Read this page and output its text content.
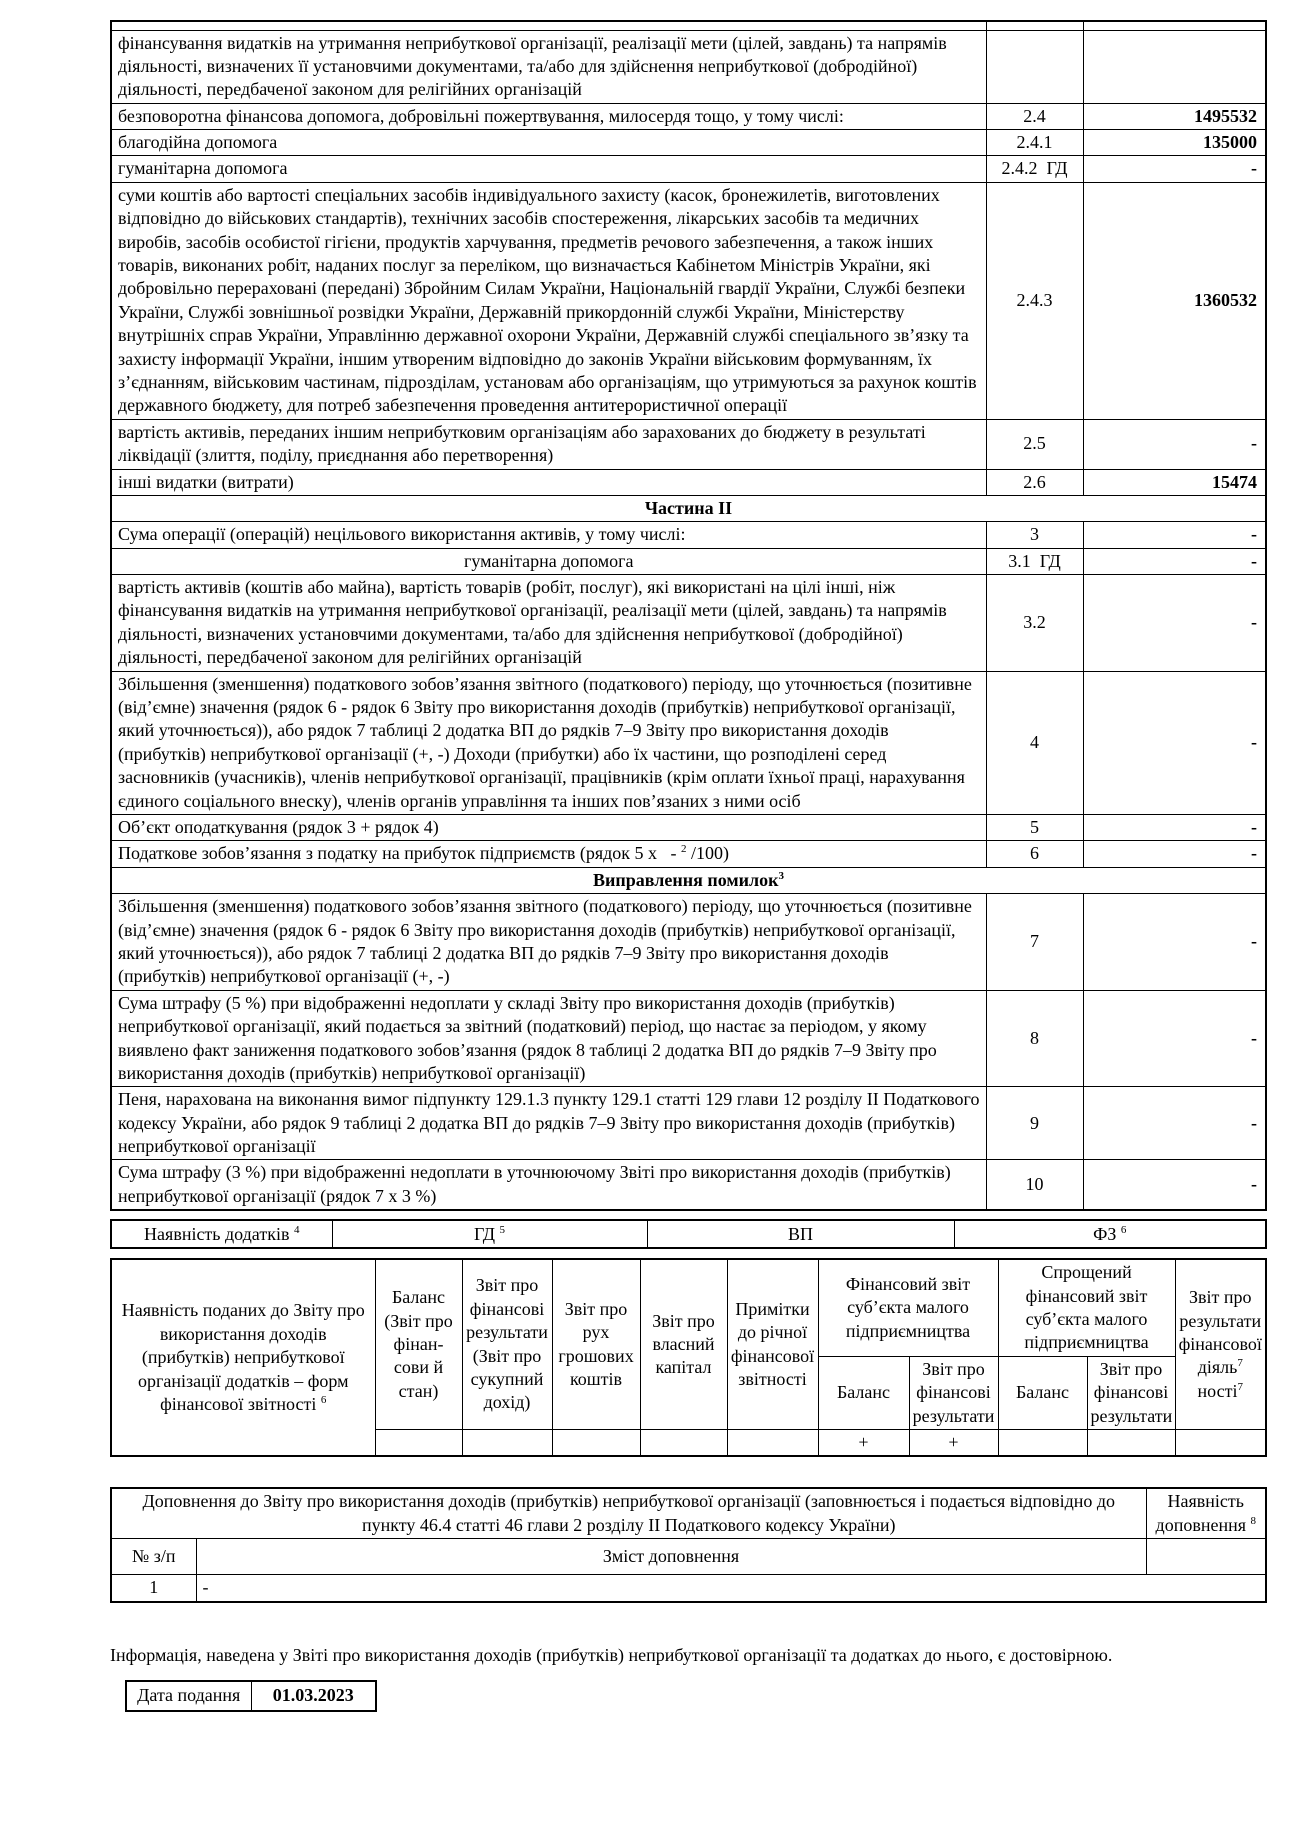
фінансування видатків на утримання неприбуткової організації, реалізації мети (цілей, завдань) та напрямів діяльності, визначених її установчими документами, та/або для здійснення неприбуткової (добродійної) діяльності, передбаченої законом для релігійних організацій		
безповоротна фінансова допомога, добровільні пожертвування, милосердя тощо, у тому числі:	2.4	1495532
благодійна допомога	2.4.1	135000
гуманітарна допомога	2.4.2  ГД	-
суми коштів або вартості спеціальних засобів індивідуального захисту (касок, бронежилетів, виготовлених відповідно до військових стандартів), технічних засобів спостереження, лікарських засобів та медичних виробів, засобів особистої гігієни, продуктів харчування, предметів речового забезпечення, а також інших товарів, виконаних робіт, наданих послуг за переліком, що визначається Кабінетом Міністрів України, які добровільно перераховані (передані) Збройним Силам України, Національній гвардії України, Службі безпеки України, Службі зовнішньої розвідки України, Державній прикордонній службі України, Міністерству внутрішніх справ України, Управлінню державної охорони України, Державній службі спеціального зв’язку та захисту інформації України, іншим утвореним відповідно до законів України військовим формуванням, їх з’єднанням, військовим частинам, підрозділам, установам або організаціям, що утримуються за рахунок коштів державного бюджету, для потреб забезпечення проведення антитерористичної операції	2.4.3	1360532
вартість активів, переданих іншим неприбутковим організаціям або зарахованих до бюджету в результаті ліквідації (злиття, поділу, приєднання або перетворення)	2.5	-
інші видатки (витрати)	2.6	15474
Частина II		
Сума операції (операцій) нецільового використання активів, у тому числі:	3	-
гуманітарна допомога	3.1  ГД	-
вартість активів (коштів або майна), вартість товарів (робіт, послуг), які використані на цілі інші, ніж фінансування видатків на утримання неприбуткової організації, реалізації мети (цілей, завдань) та напрямів діяльності, визначених установчими документами, та/або для здійснення неприбуткової (добродійної) діяльності, передбаченої законом для релігійних організацій	3.2	-
Збільшення (зменшення) податкового зобов’язання звітного (податкового) періоду, що уточнюється (позитивне (від’ємне) значення (рядок 6 - рядок 6 Звіту про використання доходів (прибутків) неприбуткової організації, який уточнюється)), або рядок 7 таблиці 2 додатка ВП до рядків 7–9 Звіту про використання доходів (прибутків) неприбуткової організації (+, -) Доходи (прибутки) або їх частини, що розподілені серед засновників (учасників), членів неприбуткової організації, працівників (крім оплати їхньої праці, нарахування єдиного соціального внеску), членів органів управління та інших пов’язаних з ними осіб	4	-
Об’єкт оподаткування (рядок 3 + рядок 4)	5	-
Податкове зобов’язання з податку на прибуток підприємств (рядок 5 х   - $^2$ /100)	6	-
Виправлення помилок$^3$
Збільшення (зменшення) податкового зобов’язання звітного (податкового) періоду, що уточнюється (позитивне (від’ємне) значення (рядок 6 - рядок 6 Звіту про використання доходів (прибутків) неприбуткової організації, який уточнюється)), або рядок 7 таблиці 2 додатка ВП до рядків 7–9 Звіту про використання доходів (прибутків) неприбуткової організації (+, -)	7	-
Сума штрафу (5 %) при відображенні недоплати у складі Звіту про використання доходів (прибутків) неприбуткової організації, який подається за звітний (податковий) період, що настає за періодом, у якому виявлено факт заниження податкового зобов’язання (рядок 8 таблиці 2 додатка ВП до рядків 7–9 Звіту про використання доходів (прибутків) неприбуткової організації)	8	-
Пеня, нарахована на виконання вимог підпункту 129.1.3 пункту 129.1 статті 129 глави 12 розділу II Податкового кодексу України, або рядок 9 таблиці 2 додатка ВП до рядків 7–9 Звіту про використання доходів (прибутків) неприбуткової організації	9	-
Сума штрафу (3 %) при відображенні недоплати в уточнюючому Звіті про використання доходів (прибутків) неприбуткової організації (рядок 7 х 3 %)	10	-
Наявність додатків $^4$	ГД $^5$	ВП	ФЗ $^6$
Наявність поданих до Звіту про використання доходів (прибутків) неприбуткової організації додатків – форм фінансової звітності $^6$	Баланс (Звіт про фінан-сови й стан)	Звіт про фінансові результати (Звіт про сукупний дохід)	Звіт про рух грошових коштів	Звіт про власний капітал	Примітки до річної фінансової звітності	Фінансовий звіт суб’єкта малого підприємництва		Спрощений фінансовий звіт суб’єкта малого підприємництва		Звіт про результати фінансової діяль$^7$ ності$^7$
						Баланс	Звіт про фінансові результати	Баланс	Звіт про фінансові результати	
						+	+			
Доповнення до Звіту про використання доходів (прибутків) неприбуткової організації (заповнюється і подається відповідно до пункту 46.4 статті 46 глави 2 розділу II Податкового кодексу України)		Наявність доповнення $^8$
№ з/п	Зміст доповнення	
1	-	

Інформація, наведена у Звіті про використання доходів (прибутків) неприбуткової організації та додатках до нього, є достовірною.

Дата подання	01.03.2023
